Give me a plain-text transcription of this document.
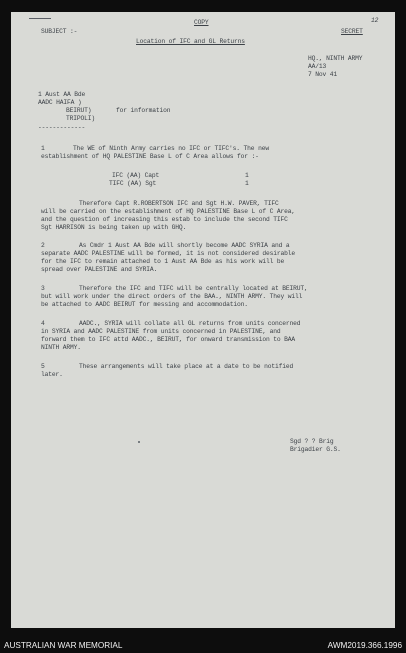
COPY	12
SUBJECT :-	SECRET
Location of IFC and GL Returns
HQ., NINTH ARMY
AA/13
7 Nov 41
1 Aust AA Bde
AADC HAIFA )
BEIRUT)	for information
TRIPOLI)
-------------
1	The WE of Ninth Army carries no IFC or TIFC's. The new
establishment of HQ PALESTINE Base L of C Area allows for :-
IFC (AA) Capt	1
TIFC (AA) Sgt	1
Therefore Capt R.ROBERTSON IFC and Sgt H.W. PAVER, TIFC
will be carried on the establishment of HQ PALESTINE Base L of C Area,
and the question of increasing this estab to include the second TIFC
Sgt HARRISON is being taken up with GHQ.
2	As Cmdr 1 Aust AA Bde will shortly become AADC SYRIA and a
separate AADC PALESTINE will be formed, it is not considered desirable
for the IFC to remain attached to 1 Aust AA Bde as his work will be
spread over PALESTINE and SYRIA.
3	Therefore the IFC and TIFC will be centrally located at BEIRUT,
but will work under the direct orders of the BAA., NINTH ARMY. They will
be attached to AADC BEIRUT for messing and accommodation.
4	AADC., SYRIA will collate all GL returns from units concerned
in SYRIA and AADC PALESTINE from units concerned in PALESTINE, and
forward them to IFC attd AADC., BEIRUT, for onward transmission to BAA
NINTH ARMY.
5	These arrangements will take place at a date to be notified
later.
Sgd ? ? Brig
Brigadier G.S.
AUSTRALIAN WAR MEMORIAL	AWM2019.366.1996
